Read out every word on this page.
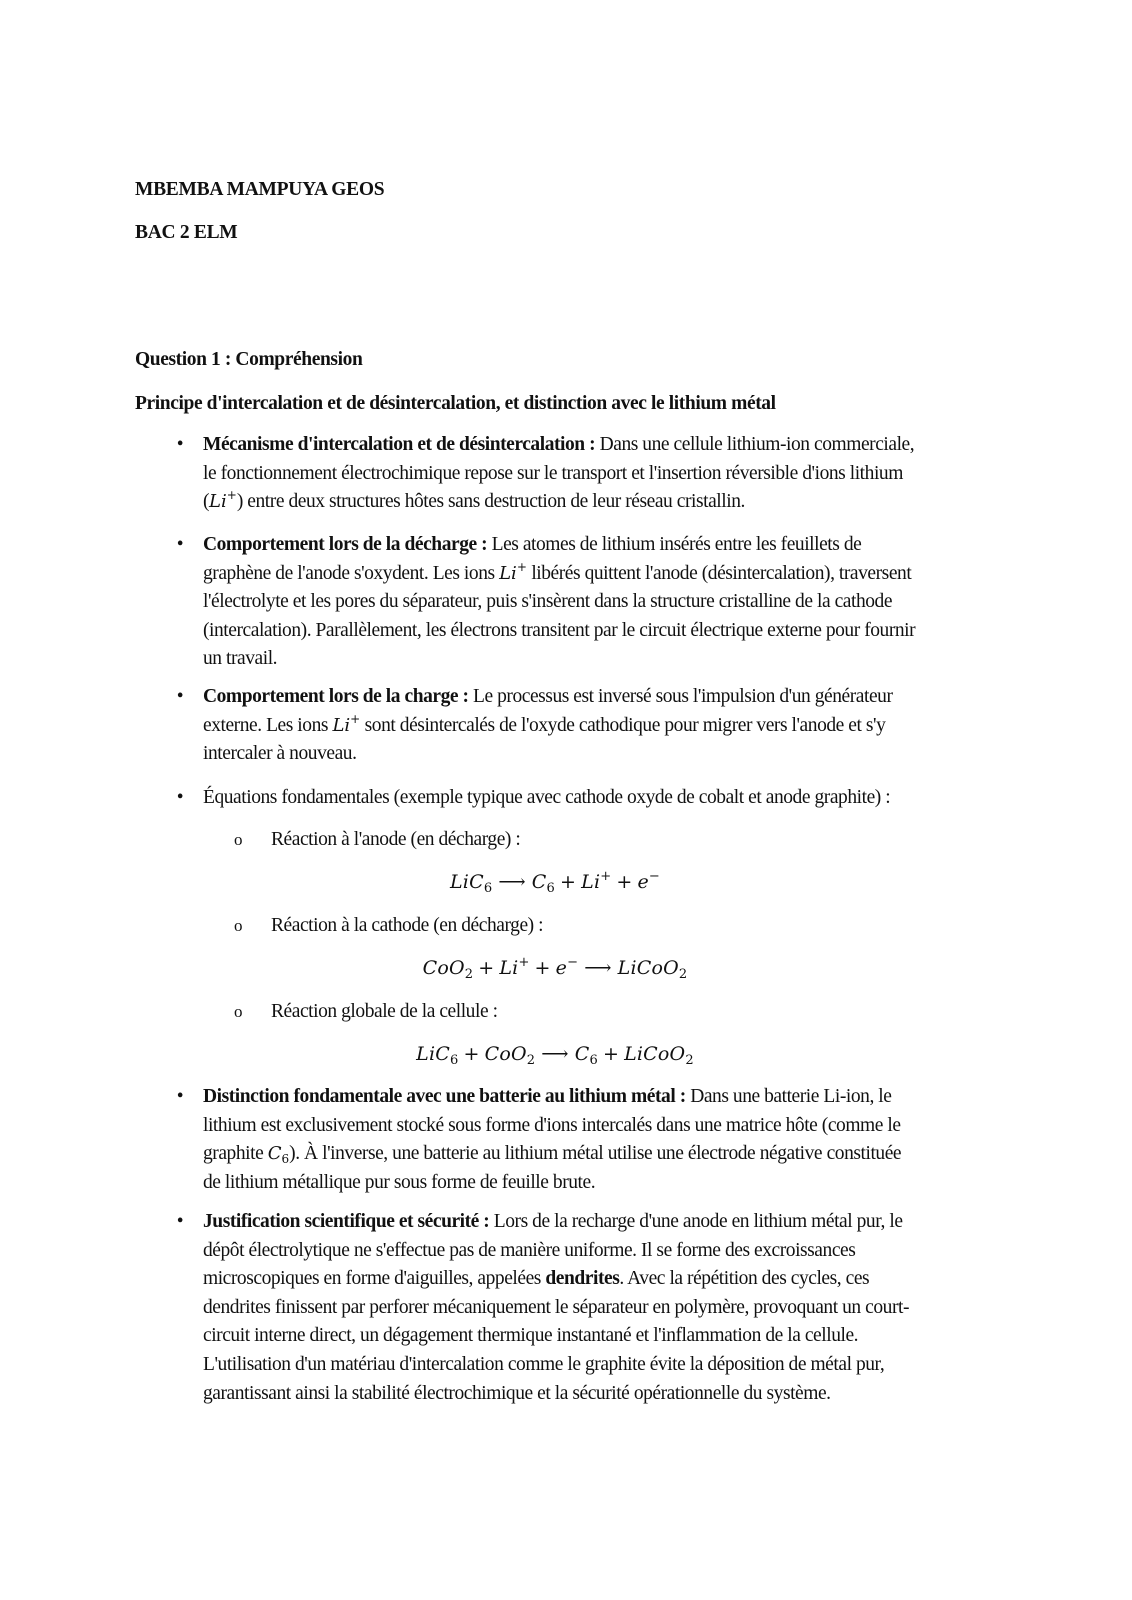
MBEMBA MAMPUYA GEOS
BAC 2 ELM
Question 1 : Compréhension
Principe d'intercalation et de désintercalation, et distinction avec le lithium métal
•	Mécanisme d'intercalation et de désintercalation : Dans une cellule lithium-ion commerciale,
le fonctionnement électrochimique repose sur le transport et l'insertion réversible d'ions lithium
(Li+) entre deux structures hôtes sans destruction de leur réseau cristallin.
•	Comportement lors de la décharge : Les atomes de lithium insérés entre les feuillets de
graphène de l'anode s'oxydent. Les ions Li+ libérés quittent l'anode (désintercalation), traversent
l'électrolyte et les pores du séparateur, puis s'insèrent dans la structure cristalline de la cathode
(intercalation). Parallèlement, les électrons transitent par le circuit électrique externe pour fournir
un travail.
•	Comportement lors de la charge : Le processus est inversé sous l'impulsion d'un générateur
externe. Les ions Li+ sont désintercalés de l'oxyde cathodique pour migrer vers l'anode et s'y
intercaler à nouveau.
•	Équations fondamentales (exemple typique avec cathode oxyde de cobalt et anode graphite) :
•	Distinction fondamentale avec une batterie au lithium métal : Dans une batterie Li-ion, le
lithium est exclusivement stocké sous forme d'ions intercalés dans une matrice hôte (comme le
graphite $C_6$). À l'inverse, une batterie au lithium métal utilise une électrode négative constituée
de lithium métallique pur sous forme de feuille brute.
•	Justification scientifique et sécurité : Lors de la recharge d'une anode en lithium métal pur, le
dépôt électrolytique ne s'effectue pas de manière uniforme. Il se forme des excroissances
microscopiques en forme d'aiguilles, appelées dendrites. Avec la répétition des cycles, ces
dendrites finissent par perforer mécaniquement le séparateur en polymère, provoquant un court-
circuit interne direct, un dégagement thermique instantané et l'inflammation de la cellule.
L'utilisation d'un matériau d'intercalation comme le graphite évite la déposition de métal pur,
garantissant ainsi la stabilité électrochimique et la sécurité opérationnelle du système.
o Réaction à l'anode (en décharge) :
LiC$_6$ ⟶ $C_6 + Li^+ + e^-$
o Réaction à la cathode (en décharge) :
CoO$_2$ + Li+ + e− ⟶ LiCoO$_2$
o Réaction globale de la cellule :
LiC$_6$ + CoO$_2$ ⟶ $C_6$ + LiCoO$_2$
